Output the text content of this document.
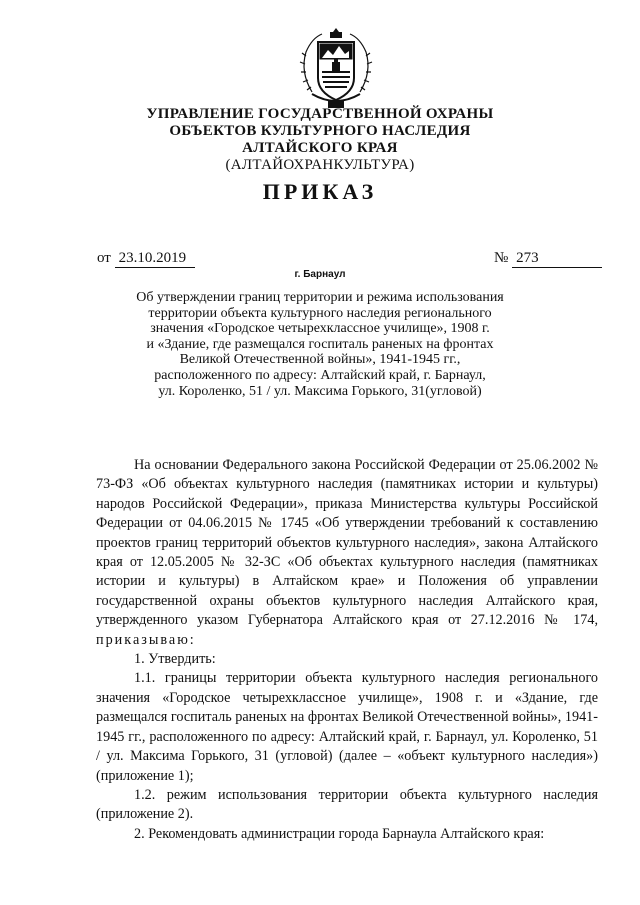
УПРАВЛЕНИЕ ГОСУДАРСТВЕННОЙ ОХРАНЫ
ОБЪЕКТОВ КУЛЬТУРНОГО НАСЛЕДИЯ
АЛТАЙСКОГО КРАЯ
(АЛТАЙОХРАНКУЛЬТУРА)
ПРИКАЗ
от 23.10.2019	№ 273
г. Барнаул
Об утверждении границ территории и режима использования
территории объекта культурного наследия регионального
значения «Городское четырехклассное училище», 1908 г.
и «Здание, где размещался госпиталь раненых на фронтах
Великой Отечественной войны», 1941-1945 гг.,
расположенного по адресу: Алтайский край, г. Барнаул,
ул. Короленко, 51 / ул. Максима Горького, 31(угловой)

На основании Федерального закона Российской Федерации от 25.06.2002 № 73-ФЗ «Об объектах культурного наследия (памятниках истории и культуры) народов Российской Федерации», приказа Министерства культуры Российской Федерации от 04.06.2015 № 1745 «Об утверждении требований к составлению проектов границ территорий объектов культурного наследия», закона Алтайского края от 12.05.2005 № 32-ЗС «Об объектах культурного наследия (памятниках истории и культуры) в Алтайском крае» и Положения об управлении государственной охраны объектов культурного наследия Алтайского края, утвержденного указом Губернатора Алтайского края от 27.12.2016 № 174, приказываю:

1. Утвердить:

1.1. границы территории объекта культурного наследия регионального значения «Городское четырехклассное училище», 1908 г. и «Здание, где размещался госпиталь раненых на фронтах Великой Отечественной войны», 1941-1945 гг., расположенного по адресу: Алтайский край, г. Барнаул, ул. Короленко, 51 / ул. Максима Горького, 31 (угловой) (далее – «объект культурного наследия») (приложение 1);

1.2. режим использования территории объекта культурного наследия (приложение 2).

2. Рекомендовать администрации города Барнаула Алтайского края:
